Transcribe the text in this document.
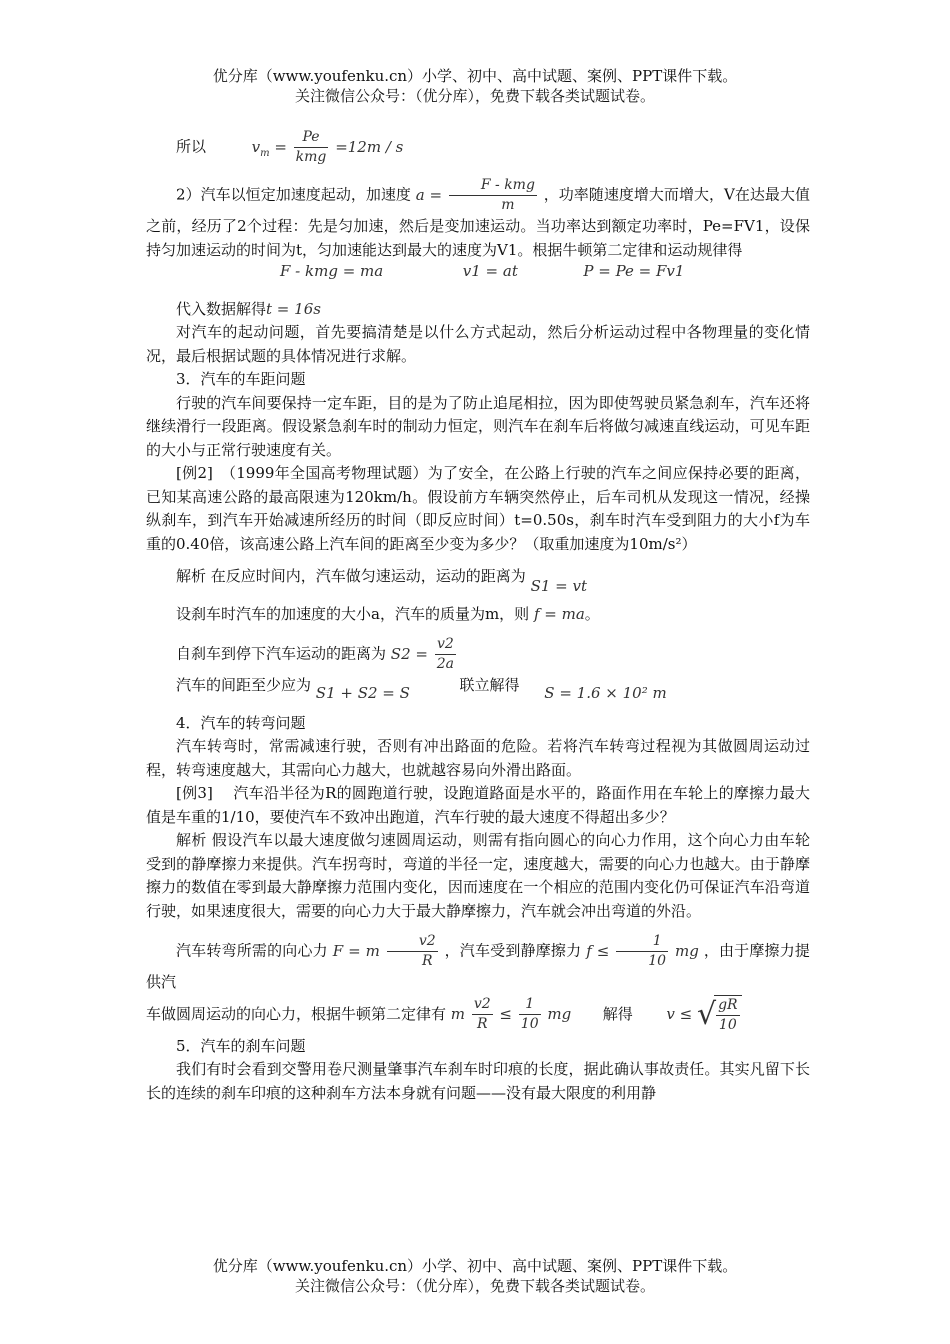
优分库（www.youfenku.cn）小学、初中、高中试题、案例、PPT课件下载。
关注微信公众号：（优分库），免费下载各类试题试卷。

所以	$v_m = \frac{Pe}{\text{kmg}} =12m / s$

2）汽车以恒定加速度起动，加速度 $a = \frac{\text{F - kmg}}{m}$ ，功率随速度增大而增大，V在达最大值之前，经历了2个过程：先是匀加速，然后是变加速运动。当功率达到额定功率时，Pe=FV1，设保持匀加速运动的时间为t，匀加速能达到最大的速度为V1。根据牛顿第二定律和运动规律得

F - kmg = ma	v1 = at	P = Pe = Fv1

代入数据解得t = 16s

对汽车的起动问题，首先要搞清楚是以什么方式起动，然后分析运动过程中各物理量的变化情况，最后根据试题的具体情况进行求解。

3．汽车的车距问题

行驶的汽车间要保持一定车距，目的是为了防止追尾相拉，因为即使驾驶员紧急刹车，汽车还将继续滑行一段距离。假设紧急刹车时的制动力恒定，则汽车在刹车后将做匀减速直线运动，可见车距的大小与正常行驶速度有关。

[例2]　（1999年全国高考物理试题）为了安全，在公路上行驶的汽车之间应保持必要的距离，已知某高速公路的最高限速为120km/h。假设前方车辆突然停止，后车司机从发现这一情况，经操纵刹车，到汽车开始减速所经历的时间（即反应时间）t=0.50s，刹车时汽车受到阻力的大小f为车重的0.40倍，该高速公路上汽车间的距离至少变为多少？（取重加速度为10m/s²）

解析 在反应时间内，汽车做匀速运动，运动的距离为 S1 = vt

设刹车时汽车的加速度的大小a，汽车的质量为m，则 f = ma。

自刹车到停下汽车运动的距离为 $S2 = \frac{v2}{2a}$

汽车的间距至少应为 S1 + S2 = S	联立解得 S = 1.6 × 10² m

4．汽车的转弯问题

汽车转弯时，常需减速行驶，否则有冲出路面的危险。若将汽车转弯过程视为其做圆周运动过程，转弯速度越大，其需向心力越大，也就越容易向外滑出路面。

[例3]　 汽车沿半径为R的圆跑道行驶，设跑道路面是水平的，路面作用在车轮上的摩擦力最大值是车重的1/10，要使汽车不致冲出跑道，汽车行驶的最大速度不得超出多少？

解析 假设汽车以最大速度做匀速圆周运动，则需有指向圆心的向心力作用，这个向心力由车轮受到的静摩擦力来提供。汽车拐弯时，弯道的半径一定，速度越大，需要的向心力也越大。由于静摩擦力的数值在零到最大静摩擦力范围内变化，因而速度在一个相应的范围内变化仍可保证汽车沿弯道行驶，如果速度很大，需要的向心力大于最大静摩擦力，汽车就会冲出弯道的外沿。

汽车转弯所需的向心力 F = m $\frac{v2}{R}$ ，汽车受到静摩擦力 $f \le \frac{1}{10}$ mg ，由于摩擦力提供汽

车做圆周运动的向心力，根据牛顿第二定律有 m $\frac{v2}{R} \le \frac{1}{10}$ mg 解得 v ≤ √ $\frac{gR}{10}$

5．汽车的刹车问题

我们有时会看到交警用卷尺测量肇事汽车刹车时印痕的长度，据此确认事故责任。其实凡留下长长的连续的刹车印痕的这种刹车方法本身就有问题——没有最大限度的利用静

优分库（www.youfenku.cn）小学、初中、高中试题、案例、PPT课件下载。
关注微信公众号：（优分库），免费下载各类试题试卷。
